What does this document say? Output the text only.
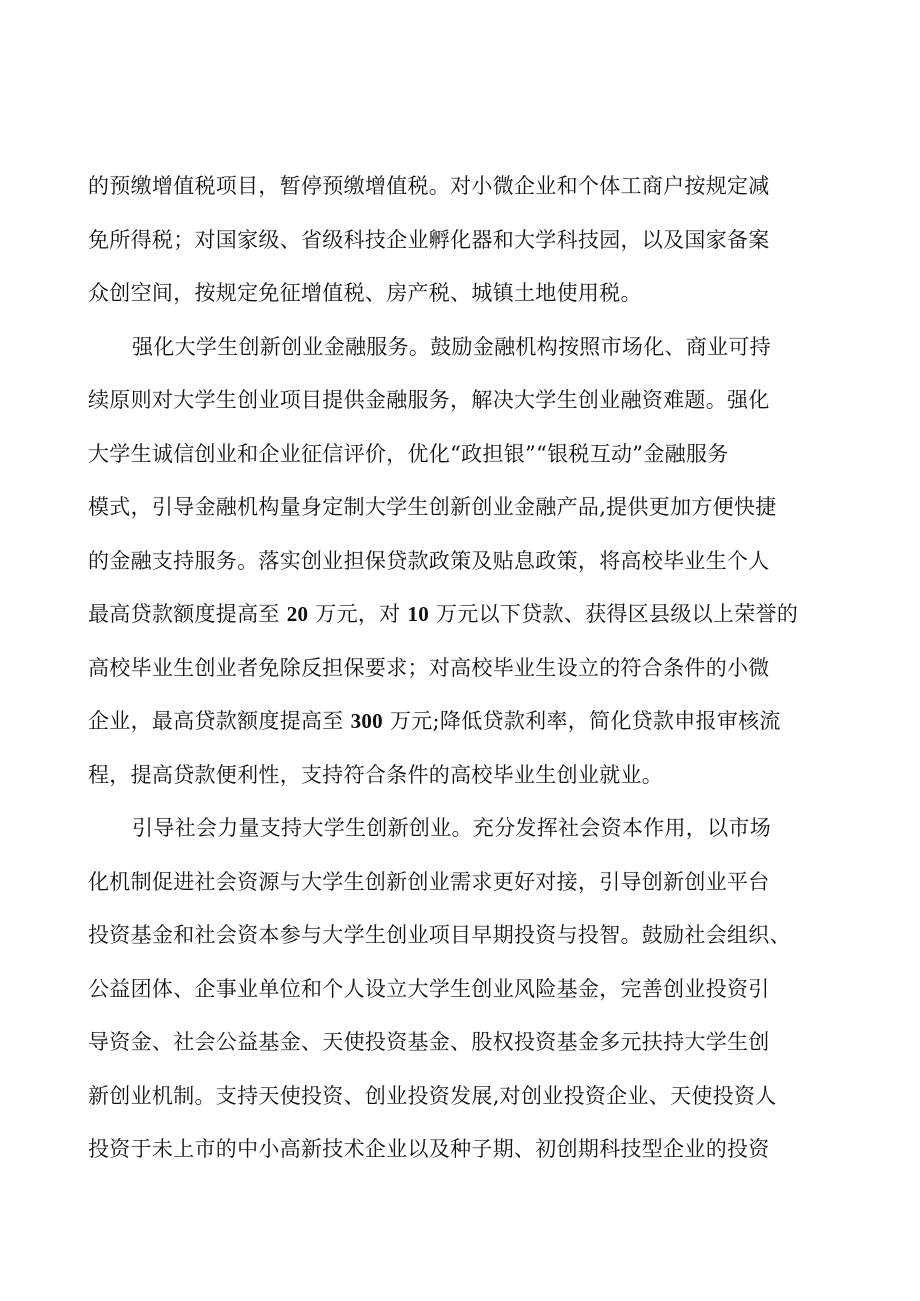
的预缴增值税项目，暂停预缴增值税。对小微企业和个体工商户按规定减
免所得税；对国家级、省级科技企业孵化器和大学科技园，以及国家备案
众创空间，按规定免征增值税、房产税、城镇土地使用税。
强化大学生创新创业金融服务。鼓励金融机构按照市场化、商业可持
续原则对大学生创业项目提供金融服务，解决大学生创业融资难题。强化
大学生诚信创业和企业征信评价，优化“政担银”“银税互动”金融服务
模式，引导金融机构量身定制大学生创新创业金融产品,提供更加方便快捷
的金融支持服务。落实创业担保贷款政策及贴息政策，将高校毕业生个人
最高贷款额度提高至 20 万元，对 10 万元以下贷款、获得区县级以上荣誉的
高校毕业生创业者免除反担保要求；对高校毕业生设立的符合条件的小微
企业，最高贷款额度提高至 300 万元;降低贷款利率，简化贷款申报审核流
程，提高贷款便利性，支持符合条件的高校毕业生创业就业。
引导社会力量支持大学生创新创业。充分发挥社会资本作用，以市场
化机制促进社会资源与大学生创新创业需求更好对接，引导创新创业平台
投资基金和社会资本参与大学生创业项目早期投资与投智。鼓励社会组织、
公益团体、企事业单位和个人设立大学生创业风险基金，完善创业投资引
导资金、社会公益基金、天使投资基金、股权投资基金多元扶持大学生创
新创业机制。支持天使投资、创业投资发展,对创业投资企业、天使投资人
投资于未上市的中小高新技术企业以及种子期、初创期科技型企业的投资
